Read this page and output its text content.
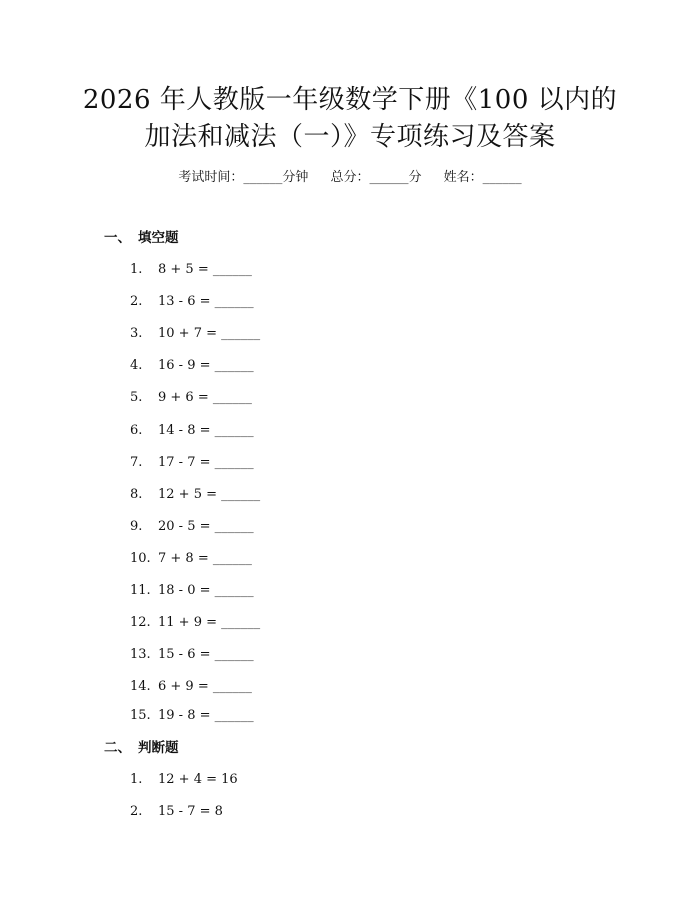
2026 年人教版一年级数学下册《100 以内的
加法和减法（一）》专项练习及答案
考试时间：______分钟 总分：______分 姓名：______
一、 填空题
1. 8 + 5 = ______
2. 13 - 6 = ______
3. 10 + 7 = ______
4. 16 - 9 = ______
5. 9 + 6 = ______
6. 14 - 8 = ______
7. 17 - 7 = ______
8. 12 + 5 = ______
9. 20 - 5 = ______
10. 7 + 8 = ______
11. 18 - 0 = ______
12. 11 + 9 = ______
13. 15 - 6 = ______
14. 6 + 9 = ______
15. 19 - 8 = ______
二、 判断题
1. 12 + 4 = 16
2. 15 - 7 = 8
